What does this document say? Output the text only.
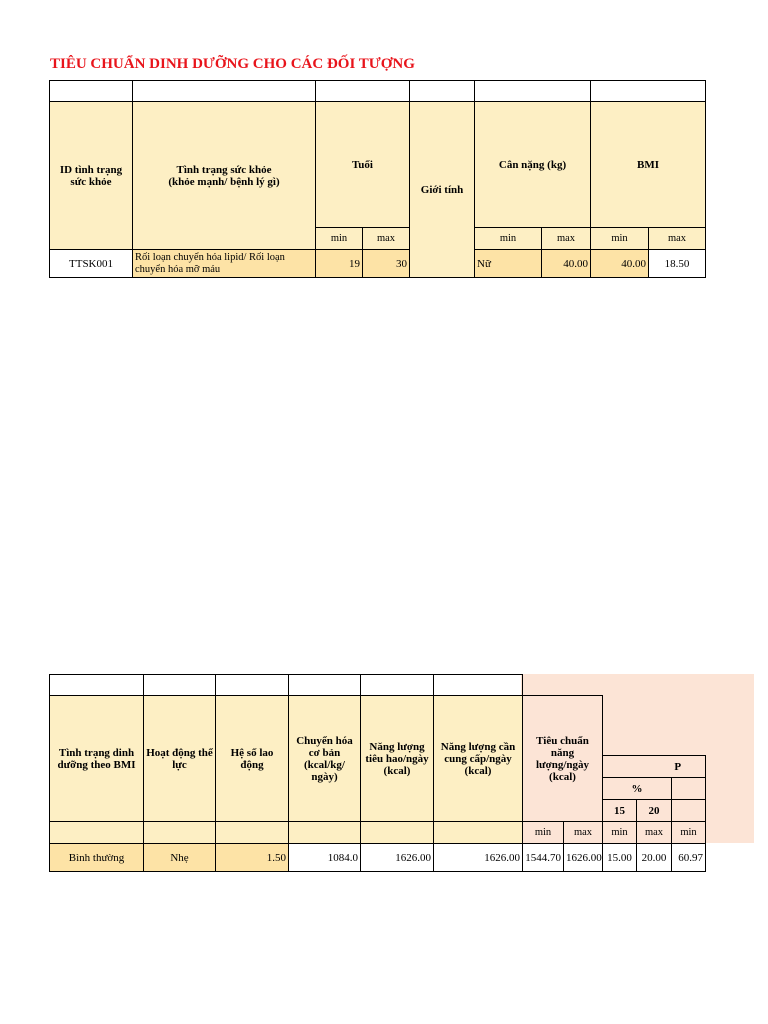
TIÊU CHUẨN DINH DƯỠNG CHO CÁC ĐỐI TƯỢNG

ID tình trạng sức khỏe	Tình trạng sức khỏe
(khỏe mạnh/ bệnh lý gì)	Tuổi		Giới tính	Cân nặng (kg)		BMI		
		min	max		min	max	min	max	
TTSK001	Rối loạn chuyển hóa lipid/ Rối loạn chuyển hóa mỡ máu	19	30		Nữ	40.00	40.00	18.50	

Tình trạng dinh dưỡng theo BMI	Hoạt động thể lực	Hệ số lao động	Chuyển hóa cơ bản (kcal/kg/ ngày)	Năng lượng tiêu hao/ngày (kcal)	Năng lượng cần cung cấp/ngày (kcal)	Tiêu chuẩn năng lượng/ngày (kcal)				
								P		
								%		
								15	20	
						min	max	min	max	min
Bình thường	Nhẹ	1.50	1084.0	1626.00	1626.00	1544.70	1626.00	15.00	20.00	60.97
